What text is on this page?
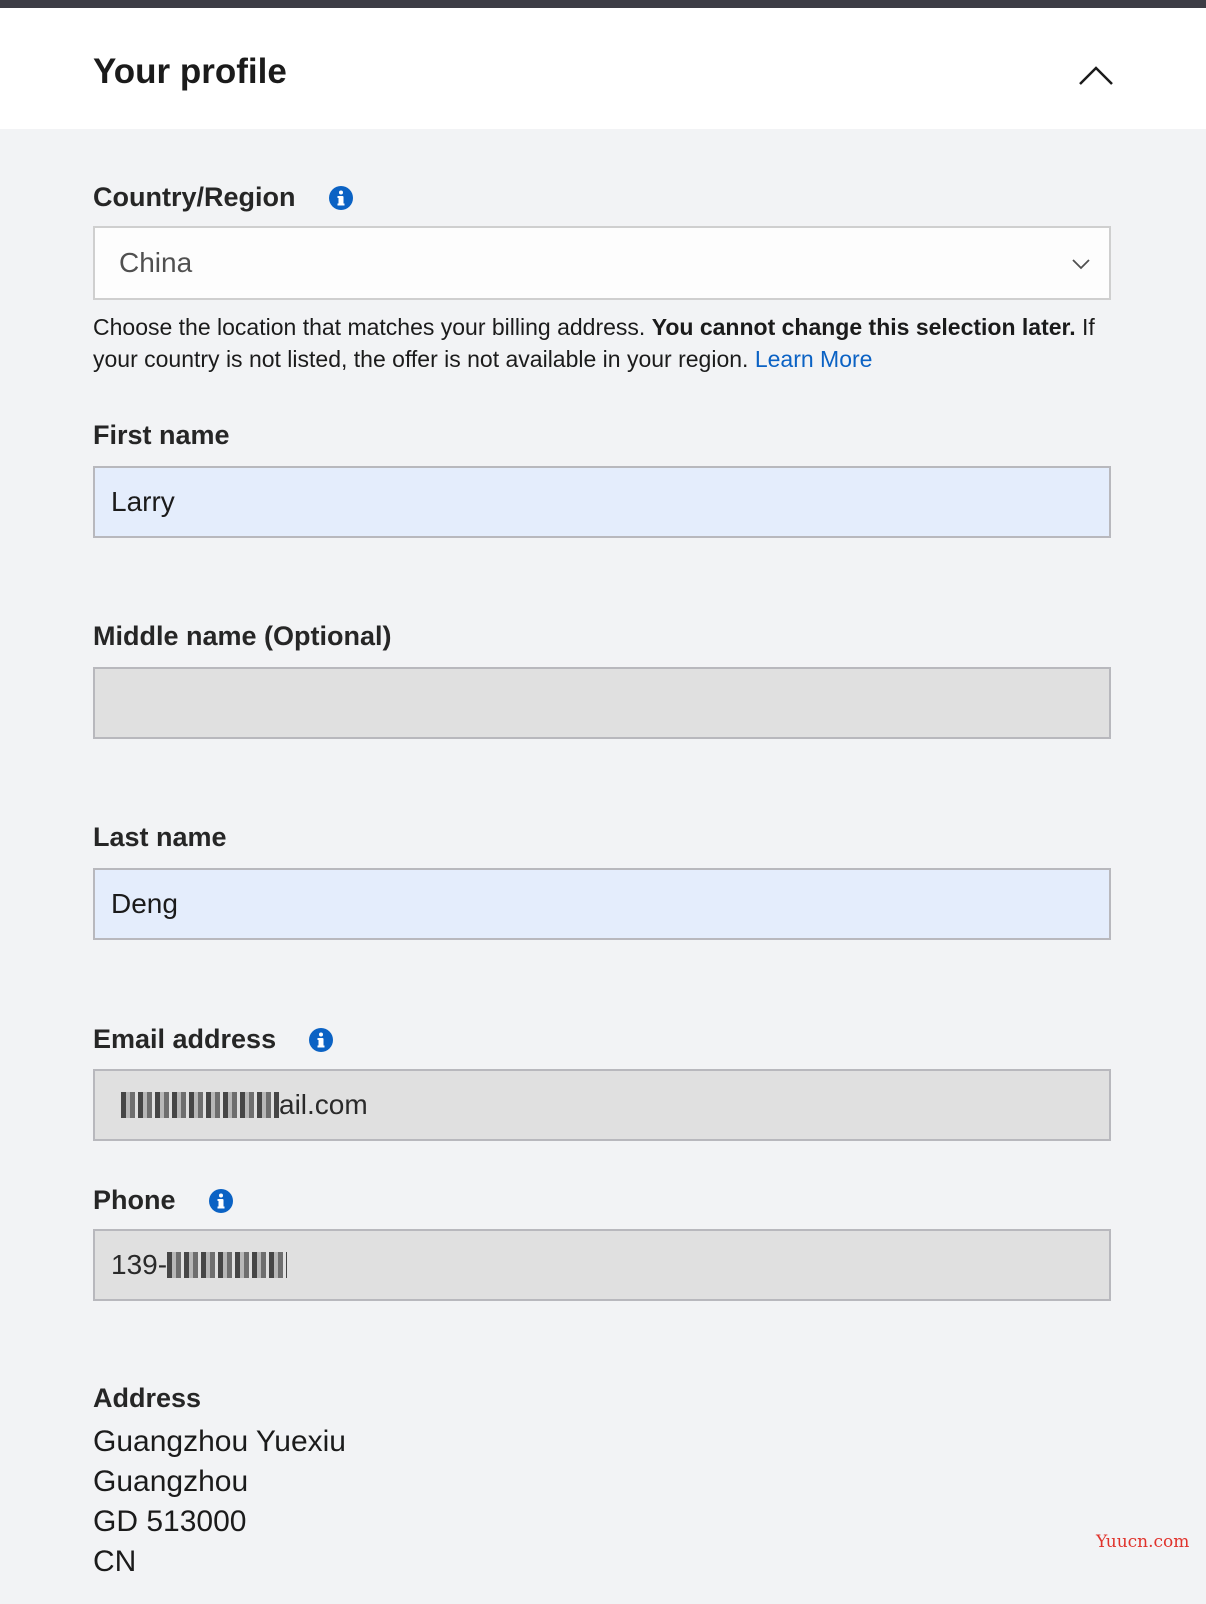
Your profile
Country/Region
China
Choose the location that matches your billing address. You cannot change this selection later. If your country is not listed, the offer is not available in your region. Learn More
First name
Larry
Middle name (Optional)
Last name
Deng
Email address
ail.com
Phone
139-
Address
Guangzhou Yuexiu
Guangzhou
GD 513000
CN
Yuucn.com
